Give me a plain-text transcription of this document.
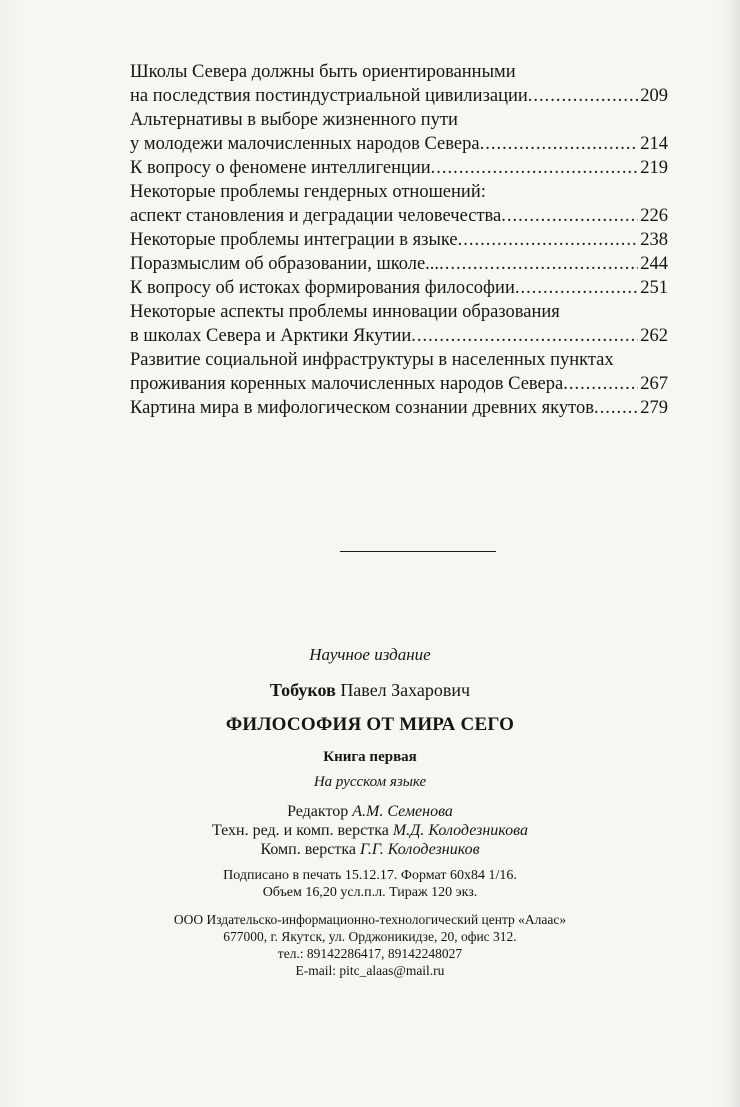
Школы Севера должны быть ориентированными
на последствия постиндустриальной цивилизации .....	209
Альтернативы в выборе жизненного пути
у молодежи малочисленных народов Севера .....	214
К вопросу о феномене интеллигенции .....	219
Некоторые проблемы гендерных отношений:
аспект становления и деградации человечества .....	226
Некоторые проблемы интеграции в языке .....	238
Поразмыслим об образовании, школе... .....	244
К вопросу об истоках формирования философии .....	251
Некоторые аспекты проблемы инновации образования
в школах Севера и Арктики Якутии .....	262
Развитие социальной инфраструктуры в населенных пунктах
проживания коренных малочисленных народов Севера .....	267
Картина мира в мифологическом сознании древних якутов .....	279
Научное издание
Тобуков Павел Захарович
ФИЛОСОФИЯ ОТ МИРА СЕГО
Книга первая
На русском языке
Редактор А.М. Семенова
Техн. ред. и комп. верстка М.Д. Колодезникова
Комп. верстка Г.Г. Колодезников
Подписано в печать 15.12.17. Формат 60x84 1/16.
Объем 16,20 усл.п.л. Тираж 120 экз.
ООО Издательско-информационно-технологический центр «Алаас»
677000, г. Якутск, ул. Орджоникидзе, 20, офис 312.
тел.: 89142286417, 89142248027
E-mail: pitc_alaas@mail.ru
